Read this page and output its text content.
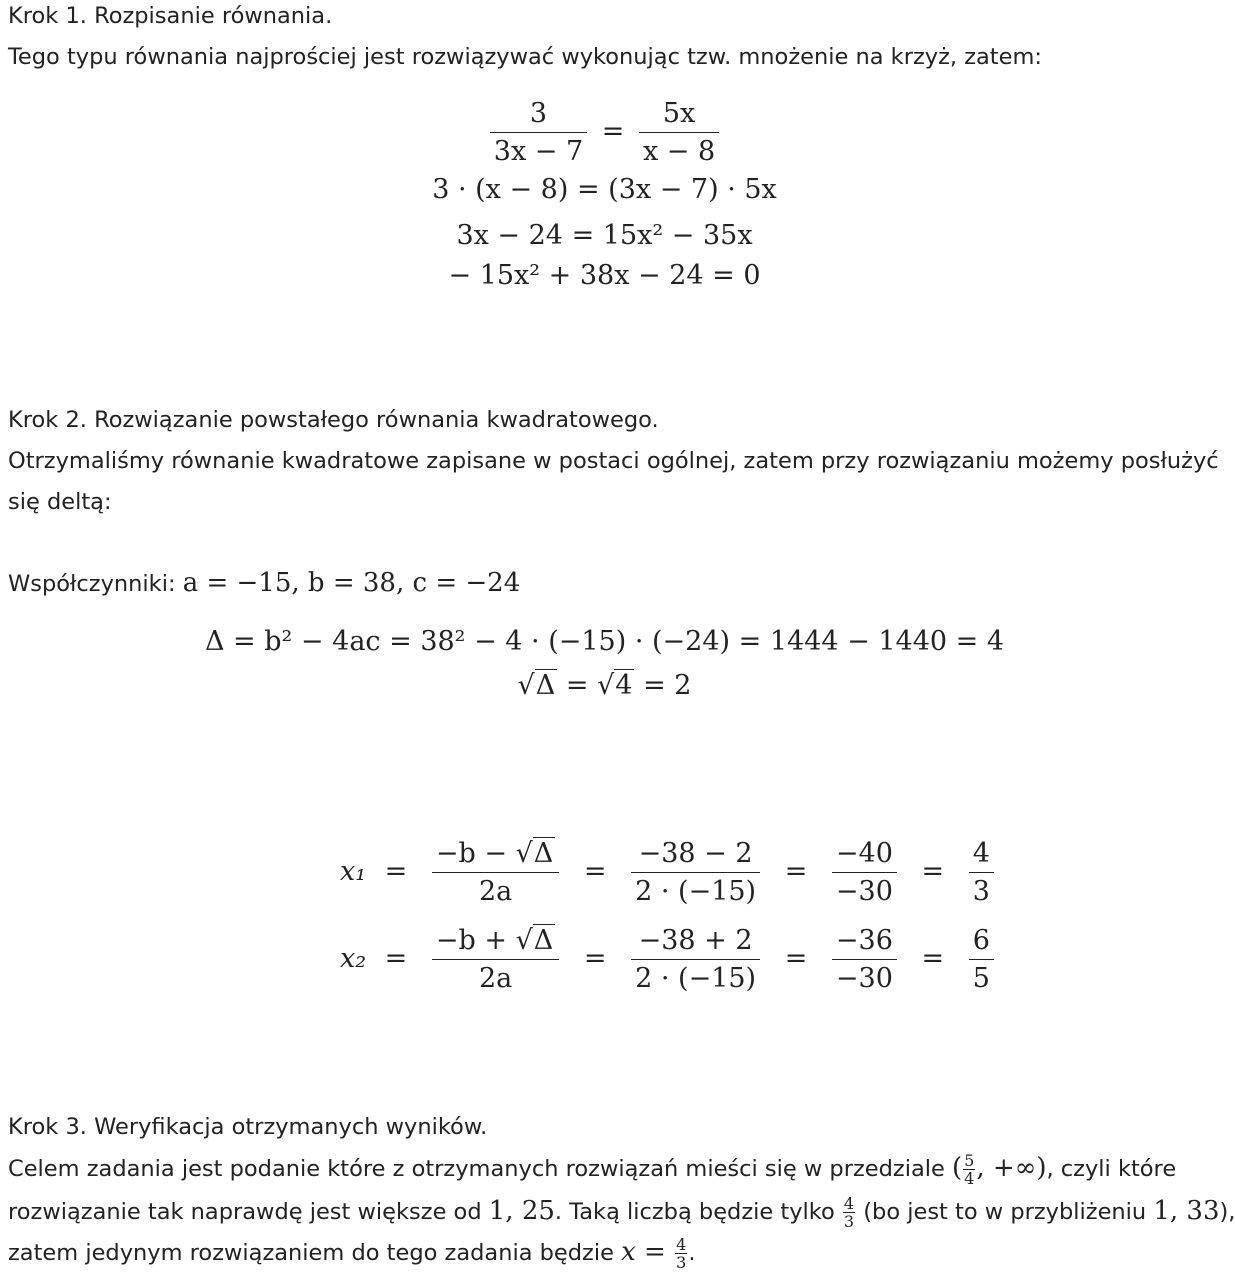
Krok 1. Rozpisanie równania.
Tego typu równania najprościej jest rozwiązywać wykonując tzw. mnożenie na krzyż, zatem:
$\frac{3}{3x - 7} = \frac{5x}{x - 8}$
3 · (x − 8) = (3x − 7) · 5x
3x − 24 = 15x² − 35x
− 15x² + 38x − 24 = 0
Krok 2. Rozwiązanie powstałego równania kwadratowego.
Otrzymaliśmy równanie kwadratowe zapisane w postaci ogólnej, zatem przy rozwiązaniu możemy posłużyć
się deltą:
Współczynniki: a = −15, b = 38, c = −24
Δ = b² − 4ac = 38² − 4 · (−15) · (−24) = 1444 − 1440 = 4
√Δ = √4 = 2
$x_1 = \frac{-b - √\Delta}{2a} = \frac{-38 - 2}{2 \cdot (-15)} = \frac{-40}{-30} = \frac{4}{3}$
$x_2 = \frac{-b + √\Delta}{2a} = \frac{-38 + 2}{2 \cdot (-15)} = \frac{-36}{-30} = \frac{6}{5}$
Krok 3. Weryfikacja otrzymanych wyników.
Celem zadania jest podanie które z otrzymanych rozwiązań mieści się w przedziale ( $\frac{5}{4}$ , +∞), czyli które
rozwiązanie tak naprawdę jest większe od 1, 25. Taką liczbą będzie tylko $\frac{4}{3} (bo$ jest to w przybliżeniu 1, 33),
zatem jedynym rozwiązaniem do tego zadania będzie $x = \frac{4}{3}$ .
